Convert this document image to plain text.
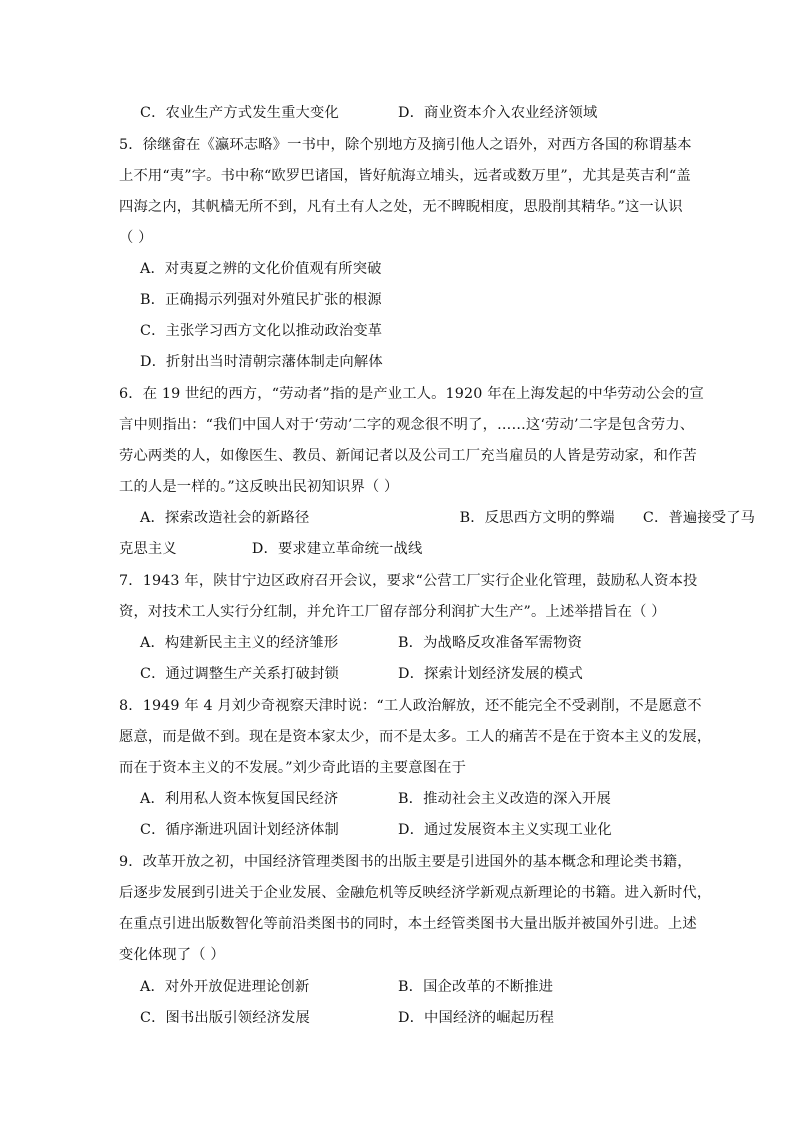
C．农业生产方式发生重大变化	D．商业资本介入农业经济领域
5．徐继畲在《瀛环志略》一书中，除个别地方及摘引他人之语外，对西方各国的称谓基本
上不用“夷”字。书中称“欧罗巴诸国，皆好航海立埔头，远者或数万里”，尤其是英吉利“盖
四海之内，其帆樯无所不到，凡有土有人之处，无不睥睨相度，思股削其精华。”这一认识
（ ）
A．对夷夏之辨的文化价值观有所突破
B．正确揭示列强对外殖民扩张的根源
C．主张学习西方文化以推动政治变革
D．折射出当时清朝宗藩体制走向解体
6．在 19 世纪的西方，“劳动者”指的是产业工人。1920 年在上海发起的中华劳动公会的宣
言中则指出：“我们中国人对于‘劳动’二字的观念很不明了，……这‘劳动’二字是包含劳力、
劳心两类的人，如像医生、教员、新闻记者以及公司工厂充当雇员的人皆是劳动家，和作苦
工的人是一样的。”这反映出民初知识界（ ）
A．探索改造社会的新路径                                B．反思西方文明的弊端      C．普遍接受了马
克思主义                D．要求建立革命统一战线
7．1943 年，陕甘宁边区政府召开会议，要求“公营工厂实行企业化管理，鼓励私人资本投
资，对技术工人实行分红制，并允许工厂留存部分利润扩大生产”。上述举措旨在（ ）
A．构建新民主主义的经济雏形	B．为战略反攻准备军需物资
C．通过调整生产关系打破封锁	D．探索计划经济发展的模式
8．1949 年 4 月刘少奇视察天津时说：“工人政治解放，还不能完全不受剥削，不是愿意不
愿意，而是做不到。现在是资本家太少，而不是太多。工人的痛苦不是在于资本主义的发展，
而在于资本主义的不发展。”刘少奇此语的主要意图在于
A．利用私人资本恢复国民经济	B．推动社会主义改造的深入开展
C．循序渐进巩固计划经济体制	D．通过发展资本主义实现工业化
9．改革开放之初，中国经济管理类图书的出版主要是引进国外的基本概念和理论类书籍，
后逐步发展到引进关于企业发展、金融危机等反映经济学新观点新理论的书籍。进入新时代，
在重点引进出版数智化等前沿类图书的同时，本土经管类图书大量出版并被国外引进。上述
变化体现了（ ）
A．对外开放促进理论创新	B．国企改革的不断推进
C．图书出版引领经济发展	D．中国经济的崛起历程
